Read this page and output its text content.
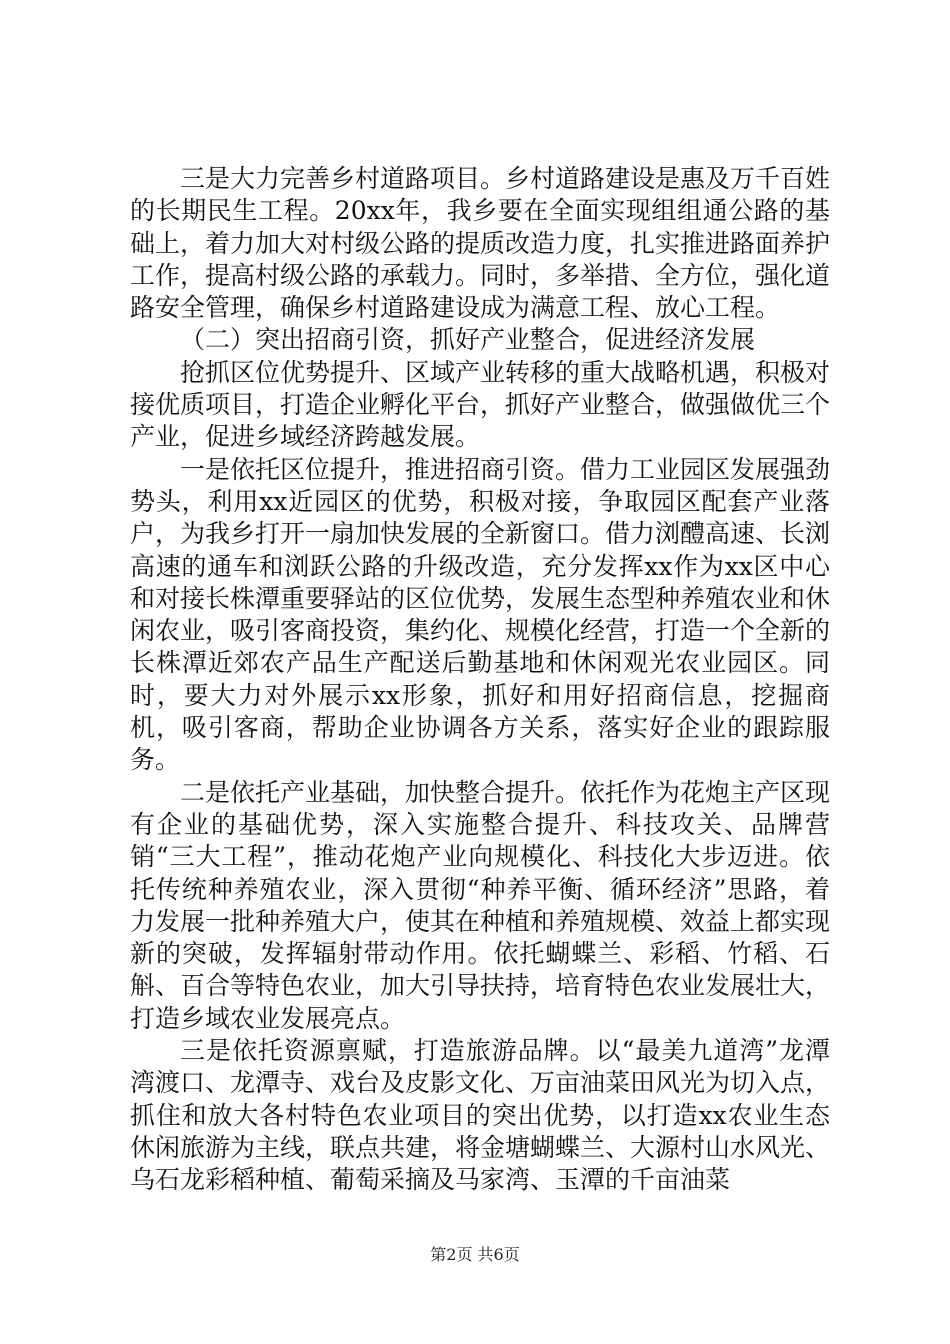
三是大力完善乡村道路项目。乡村道路建设是惠及万千百姓的长期民生工程。20xx年，我乡要在全面实现组组通公路的基础上，着力加大对村级公路的提质改造力度，扎实推进路面养护工作，提高村级公路的承载力。同时，多举措、全方位，强化道路安全管理，确保乡村道路建设成为满意工程、放心工程。

（二）突出招商引资，抓好产业整合，促进经济发展

抢抓区位优势提升、区域产业转移的重大战略机遇，积极对接优质项目，打造企业孵化平台，抓好产业整合，做强做优三个产业，促进乡域经济跨越发展。

一是依托区位提升，推进招商引资。借力工业园区发展强劲势头，利用xx近园区的优势，积极对接，争取园区配套产业落户，为我乡打开一扇加快发展的全新窗口。借力浏醴高速、长浏高速的通车和浏跃公路的升级改造，充分发挥xx作为xx区中心和对接长株潭重要驿站的区位优势，发展生态型种养殖农业和休闲农业，吸引客商投资，集约化、规模化经营，打造一个全新的长株潭近郊农产品生产配送后勤基地和休闲观光农业园区。同时，要大力对外展示xx形象，抓好和用好招商信息，挖掘商机，吸引客商，帮助企业协调各方关系，落实好企业的跟踪服务。

二是依托产业基础，加快整合提升。依托作为花炮主产区现有企业的基础优势，深入实施整合提升、科技攻关、品牌营销“三大工程”，推动花炮产业向规模化、科技化大步迈进。依托传统种养殖农业，深入贯彻“种养平衡、循环经济”思路，着力发展一批种养殖大户，使其在种植和养殖规模、效益上都实现新的突破，发挥辐射带动作用。依托蝴蝶兰、彩稻、竹稻、石斛、百合等特色农业，加大引导扶持，培育特色农业发展壮大，打造乡域农业发展亮点。

三是依托资源禀赋，打造旅游品牌。以“最美九道湾”龙潭湾渡口、龙潭寺、戏台及皮影文化、万亩油菜田风光为切入点，抓住和放大各村特色农业项目的突出优势，以打造xx农业生态休闲旅游为主线，联点共建，将金塘蝴蝶兰、大源村山水风光、乌石龙彩稻种植、葡萄采摘及马家湾、玉潭的千亩油菜

第2页 共6页
